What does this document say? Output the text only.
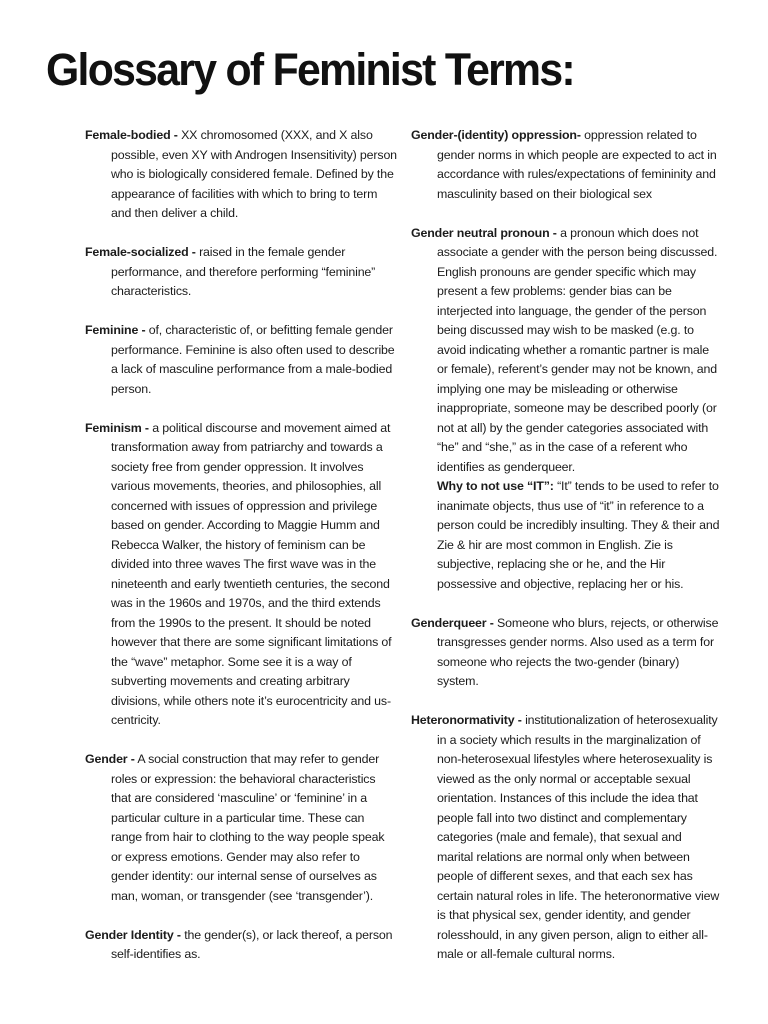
Glossary of Feminist Terms:

Female-bodied - XX chromosomed (XXX, and X also possible, even XY with Androgen Insensitivity) person who is biologically considered female. Defined by the appearance of facilities with which to bring to term and then deliver a child.

Female-socialized - raised in the female gender performance, and therefore performing “feminine” characteristics.

Feminine - of, characteristic of, or befitting female gender performance. Feminine is also often used to describe a lack of masculine performance from a male-bodied person.

Feminism - a political discourse and movement aimed at transformation away from patriarchy and towards a society free from gender oppression. It involves various movements, theories, and philosophies, all concerned with issues of oppression and privilege based on gender. According to Maggie Humm and Rebecca Walker, the history of feminism can be divided into three waves The first wave was in the nineteenth and early twentieth centuries, the second was in the 1960s and 1970s, and the third extends from the 1990s to the present. It should be noted however that there are some significant limitations of the “wave” metaphor. Some see it is a way of subverting movements and creating arbitrary divisions, while others note it’s eurocentricity and us-centricity.

Gender - A social construction that may refer to gender roles or expression: the behavioral characteristics that are considered ‘masculine’ or ‘feminine’ in a particular culture in a particular time. These can range from hair to clothing to the way people speak or express emotions. Gender may also refer to gender identity: our internal sense of ourselves as man, woman, or transgender (see ‘transgender’).

Gender Identity - the gender(s), or lack thereof, a person self-identifies as.

Gender-(identity) oppression- oppression related to gender norms in which people are expected to act in accordance with rules/expectations of femininity and masculinity based on their biological sex

Gender neutral pronoun - a pronoun which does not associate a gender with the person being discussed. English pronouns are gender specific which may present a few problems: gender bias can be interjected into language, the gender of the person being discussed may wish to be masked (e.g. to avoid indicating whether a romantic partner is male or female), referent’s gender may not be known, and implying one may be misleading or otherwise inappropriate, someone may be described poorly (or not at all) by the gender categories associated with “he” and “she,” as in the case of a referent who identifies as genderqueer.

Why to not use “IT”: “It” tends to be used to refer to inanimate objects, thus use of “it” in reference to a person could be incredibly insulting. They & their and Zie & hir are most common in English. Zie is subjective, replacing she or he, and the Hir possessive and objective, replacing her or his.

Genderqueer - Someone who blurs, rejects, or otherwise transgresses gender norms. Also used as a term for someone who rejects the two-gender (binary) system.

Heteronormativity - institutionalization of heterosexuality in a society which results in the marginalization of non-heterosexual lifestyles where heterosexuality is viewed as the only normal or acceptable sexual orientation. Instances of this include the idea that people fall into two distinct and complementary categories (male and female), that sexual and marital relations are normal only when between people of different sexes, and that each sex has certain natural roles in life. The heteronormative view is that physical sex, gender identity, and gender rolesshould, in any given person, align to either all-male or all-female cultural norms.
